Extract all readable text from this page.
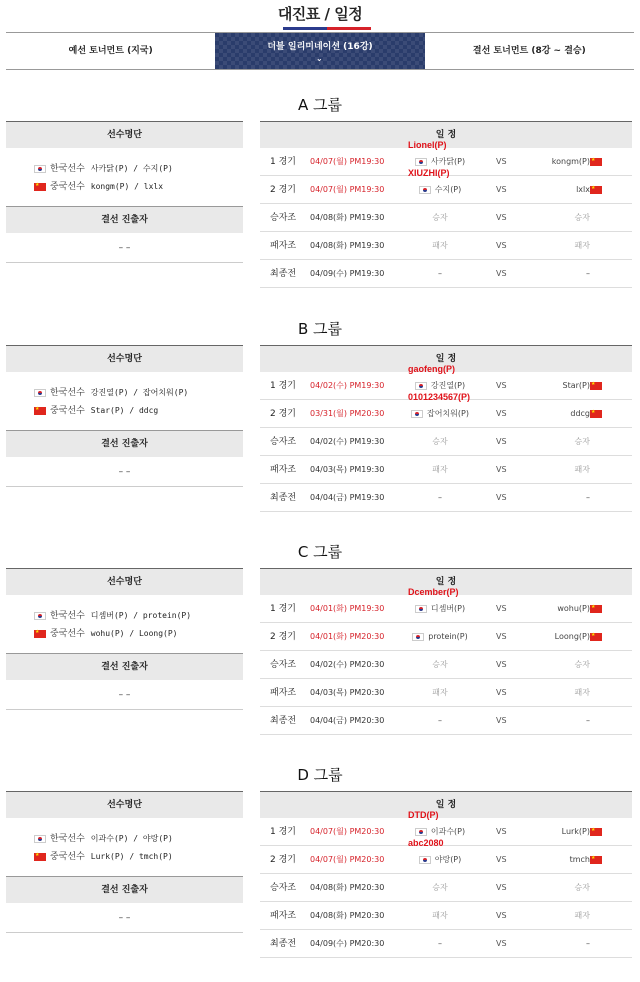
대진표 / 일정
예선 토너먼트 (지국)	더블 일리미네이션 (16강)
⌄
결선 토너먼트 (8강 ~ 결승)
A 그룹
선수명단
한국선수 사카닭(P) / 수지(P)
★
중국선수 kongm(P) / lxlx
결선 진출자
– –
일 정
1 경기	04/07(월) PM19:30	사카닭(P)	VS	kongm(P)
★
Lionel(P)
2 경기	04/07(월) PM19:30	수지(P)	VS	lxlx
★
XIUZHI(P)
승자조	04/08(화) PM19:30	승자	VS	승자
패자조	04/08(화) PM19:30	패자	VS	패자
최종전	04/09(수) PM19:30	–	VS	–
B 그룹
선수명단
한국선수 강진열(P) / 잡어치워(P)
★
중국선수 Star(P) / ddcg
결선 진출자
– –
일 정
1 경기	04/02(수) PM19:30	강진열(P)	VS	Star(P)
★
gaofeng(P)
2 경기	03/31(월) PM20:30	잡어치워(P)	VS	ddcg
★
0101234567(P)
승자조	04/02(수) PM19:30	승자	VS	승자
패자조	04/03(목) PM19:30	패자	VS	패자
최종전	04/04(금) PM19:30	–	VS	–
C 그룹
선수명단
한국선수 디셈버(P) / protein(P)
★
중국선수 wohu(P) / Loong(P)
결선 진출자
– –
일 정
1 경기	04/01(화) PM19:30	디셈버(P)	VS	wohu(P)
★
Dcember(P)
2 경기	04/01(화) PM20:30	protein(P)	VS	Loong(P)
★
승자조	04/02(수) PM20:30	승자	VS	승자
패자조	04/03(목) PM20:30	패자	VS	패자
최종전	04/04(금) PM20:30	–	VS	–
D 그룹
선수명단
한국선수 이과수(P) / 야랑(P)
★
중국선수 Lurk(P) / tmch(P)
결선 진출자
– –
일 정
1 경기	04/07(월) PM20:30	이과수(P)	VS	Lurk(P)
★
DTD(P)
2 경기	04/07(월) PM20:30	야랑(P)	VS	tmch
★
abc2080
승자조	04/08(화) PM20:30	승자	VS	승자
패자조	04/08(화) PM20:30	패자	VS	패자
최종전	04/09(수) PM20:30	–	VS	–
